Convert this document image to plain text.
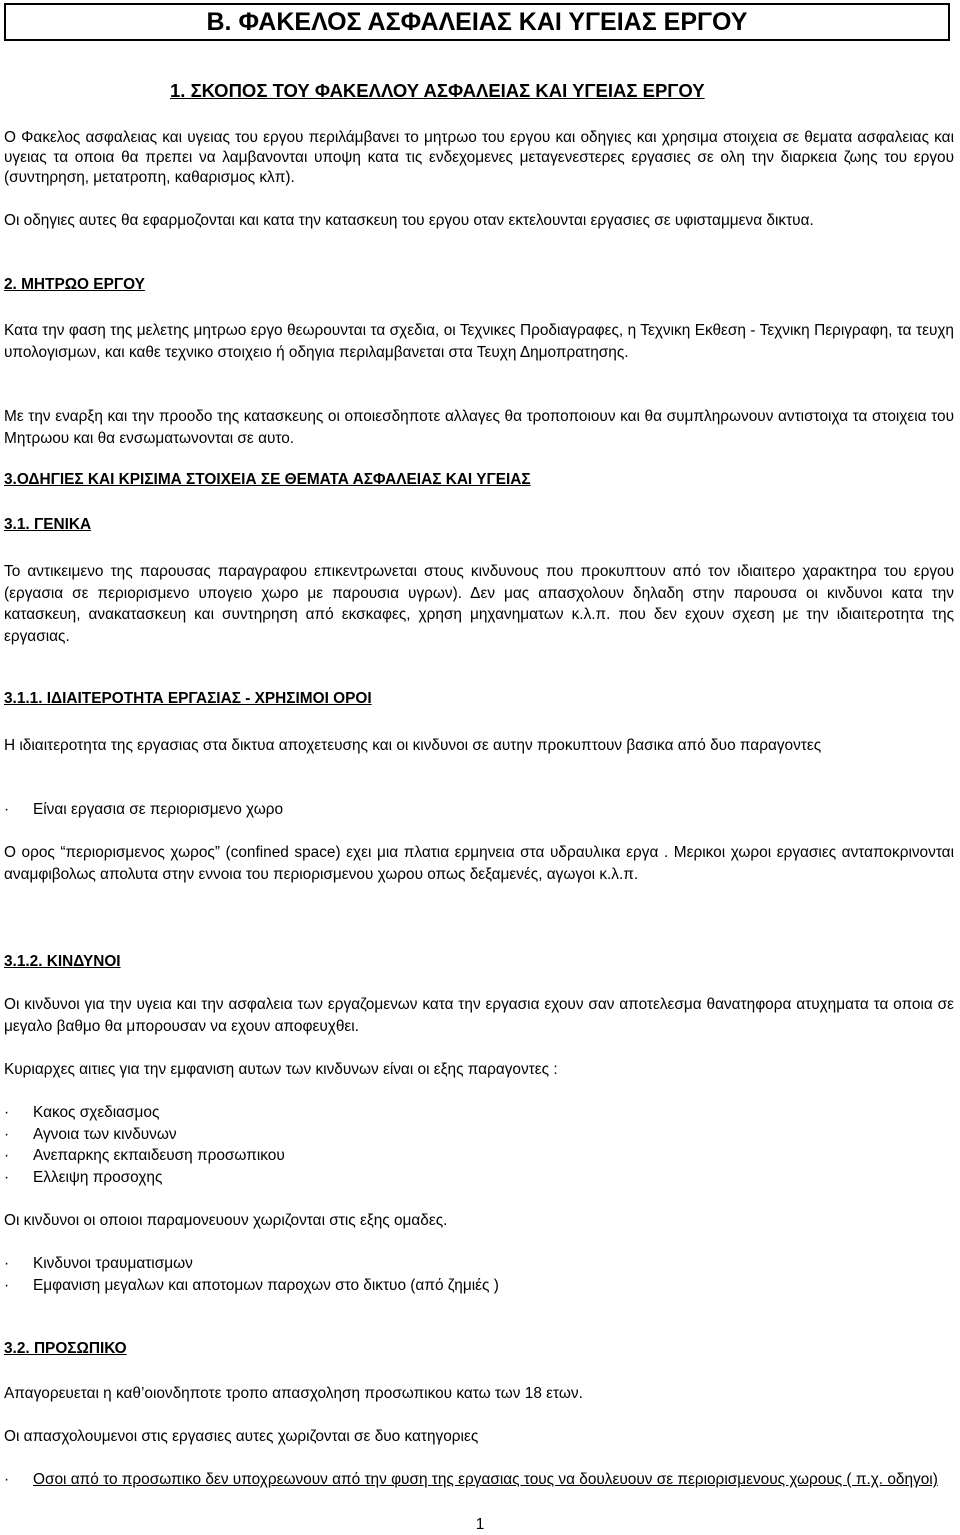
Β. ΦΑΚΕΛΟΣ ΑΣΦΑΛΕΙΑΣ ΚΑΙ ΥΓΕΙΑΣ ΕΡΓΟΥ
1. ΣΚΟΠΟΣ ΤΟΥ ΦΑΚΕΛΛΟΥ ΑΣΦΑΛΕΙΑΣ ΚΑΙ ΥΓΕΙΑΣ ΕΡΓΟΥ
Ο Φακελος ασφαλειας και υγειας του εργου περιλάμβανει το μητρωο του εργου και οδηγιες και χρησιμα στοιχεια σε θεματα ασφαλειας και υγειας τα οποια θα πρεπει να λαμβανονται υποψη κατα τις ενδεχομενες μεταγενεστερες εργασιες σε ολη την διαρκεια ζωης του εργου (συντηρηση, μετατροπη, καθαρισμος κλπ).
Οι οδηγιες αυτες θα εφαρμοζονται και κατα την κατασκευη του εργου οταν εκτελουνται εργασιες σε υφισταμμενα δικτυα.
2. ΜΗΤΡΩΟ ΕΡΓΟΥ
Κατα την φαση της μελετης μητρωο εργο θεωρουνται τα σχεδια, οι Τεχνικες Προδιαγραφες, η Τεχνικη Εκθεση - Τεχνικη Περιγραφη, τα τευχη υπολογισμων, και καθε τεχνικο στοιχειο ή οδηγια περιλαμβανεται στα Τευχη Δημοπρατησης.
Με την εναρξη και την προοδο της κατασκευης οι οποιεσδηποτε αλλαγες θα τροποποιουν και θα συμπληρωνουν αντιστοιχα τα στοιχεια του Μητρωου και θα ενσωματωνονται σε αυτο.
3.ΟΔΗΓΙΕΣ ΚΑΙ ΚΡΙΣΙΜΑ ΣΤΟΙΧΕΙΑ ΣΕ ΘΕΜΑΤΑ ΑΣΦΑΛΕΙΑΣ ΚΑΙ ΥΓΕΙΑΣ
3.1. ΓΕΝΙΚΑ
Το αντικειμενο της παρουσας παραγραφου επικεντρωνεται στους κινδυνους που προκυπτουν από τον ιδιαιτερο χαρακτηρα του εργου (εργασια σε περιορισμενο υπογειο χωρο με παρουσια υγρων). Δεν μας απασχολουν δηλαδη στην παρουσα οι κινδυνοι κατα την κατασκευη, ανακατασκευη και συντηρηση από εκσκαφες, χρηση μηχανηματων κ.λ.π. που δεν εχουν σχεση με την ιδιαιτεροτητα της εργασιας.
3.1.1. ΙΔΙΑΙΤΕΡΟΤΗΤΑ ΕΡΓΑΣΙΑΣ - ΧΡΗΣΙΜΟΙ ΟΡΟΙ
Η ιδιαιτεροτητα της εργασιας στα δικτυα αποχετευσης και οι κινδυνοι σε αυτην προκυπτουν βασικα από δυο παραγοντες
· Είναι εργασια σε περιορισμενο χωρο
Ο ορος “περιορισμενος χωρος” (confined space) εχει μια πλατια ερμηνεια στα υδραυλικα εργα . Μερικοι χωροι εργασιες ανταποκρινονται αναμφιβολως απολυτα στην εννοια του περιορισμενου χωρου οπως δεξαμενές, αγωγοι κ.λ.π.
3.1.2. ΚΙΝΔΥΝΟΙ
Οι κινδυνοι για την υγεια και την ασφαλεια των εργαζομενων κατα την εργασια εχουν σαν αποτελεσμα θανατηφορα ατυχηματα τα οποια σε μεγαλο βαθμο θα μπορουσαν να εχουν αποφευχθει.
Κυριαρχες αιτιες για την εμφανιση αυτων των κινδυνων είναι οι εξης παραγοντες :
· Κακος σχεδιασμος
· Αγνοια των κινδυνων
· Ανεπαρκης εκπαιδευση προσωπικου
· Ελλειψη προσοχης
Οι κινδυνοι οι οποιοι παραμονευουν χωριζονται στις εξης ομαδες.
· Κινδυνοι τραυματισμων
· Εμφανιση μεγαλων και αποτομων παροχων στο δικτυο (από ζημιές )
3.2. ΠΡΟΣΩΠΙΚΟ
Απαγορευεται η καθ’οιονδηποτε τροπο απασχοληση προσωπικου κατω των 18 ετων.
Οι απασχολουμενοι στις εργασιες αυτες χωριζονται σε δυο κατηγοριες
· Οσοι από το προσωπικο δεν υποχρεωνουν από την φυση της εργασιας τους να δουλευουν σε περιορισμενους χωρους ( π.χ. οδηγοι)
1
